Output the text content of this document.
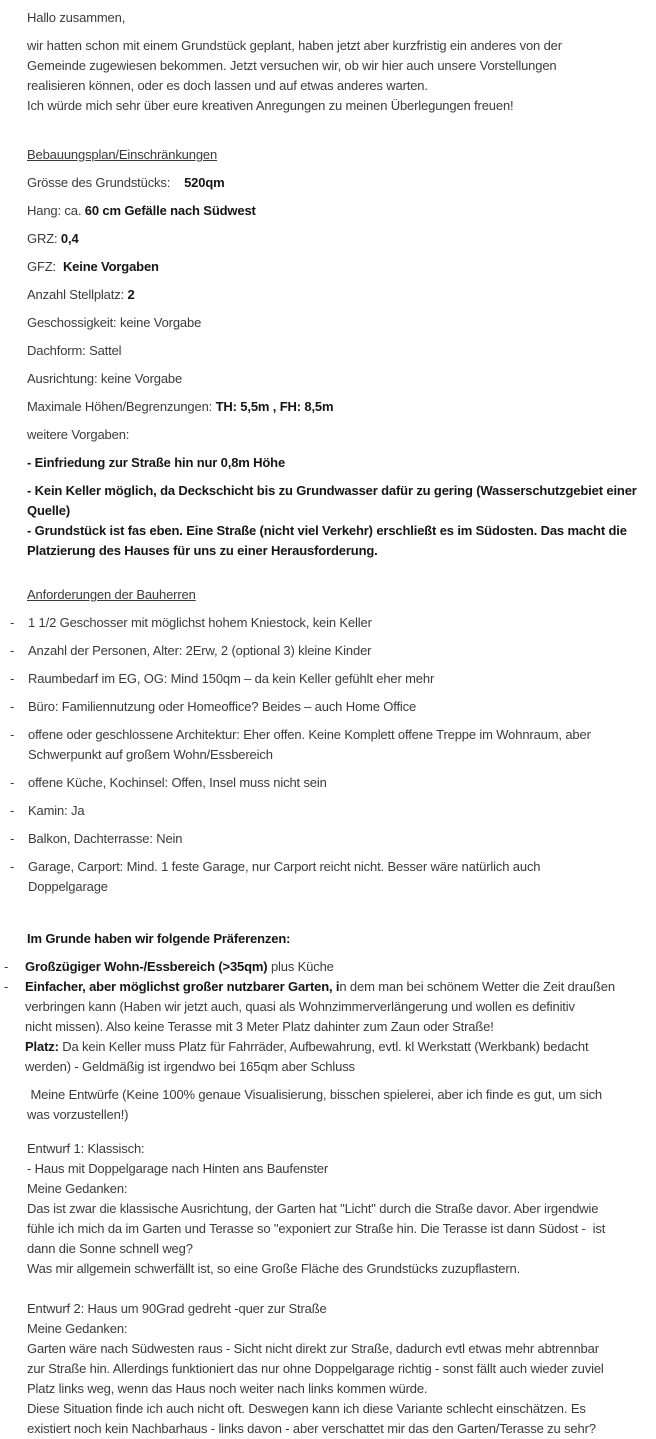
Hallo zusammen,
wir hatten schon mit einem Grundstück geplant, haben jetzt aber kurzfristig ein anderes von der
Gemeinde zugewiesen bekommen. Jetzt versuchen wir, ob wir hier auch unsere Vorstellungen
realisieren können, oder es doch lassen und auf etwas anderes warten.
Ich würde mich sehr über eure kreativen Anregungen zu meinen Überlegungen freuen!
Bebauungsplan/Einschränkungen
Grösse des Grundstücks:    520qm
Hang: ca. 60 cm Gefälle nach Südwest
GRZ: 0,4
GFZ:  Keine Vorgaben
Anzahl Stellplatz: 2
Geschossigkeit: keine Vorgabe
Dachform: Sattel
Ausrichtung: keine Vorgabe
Maximale Höhen/Begrenzungen: TH: 5,5m , FH: 8,5m
weitere Vorgaben:
- Einfriedung zur Straße hin nur 0,8m Höhe
- Kein Keller möglich, da Deckschicht bis zu Grundwasser dafür zu gering (Wasserschutzgebiet einer
Quelle)
- Grundstück ist fas eben. Eine Straße (nicht viel Verkehr) erschließt es im Südosten. Das macht die
Platzierung des Hauses für uns zu einer Herausforderung.
Anforderungen der Bauherren
-	1 1/2 Geschosser mit möglichst hohem Kniestock, kein Keller
-	Anzahl der Personen, Alter: 2Erw, 2 (optional 3) kleine Kinder
-	Raumbedarf im EG, OG: Mind 150qm – da kein Keller gefühlt eher mehr
-	Büro: Familiennutzung oder Homeoffice? Beides – auch Home Office
-	offene oder geschlossene Architektur: Eher offen. Keine Komplett offene Treppe im Wohnraum, aber
Schwerpunkt auf großem Wohn/Essbereich
-	offene Küche, Kochinsel: Offen, Insel muss nicht sein
-	Kamin: Ja
-	Balkon, Dachterrasse: Nein
-	Garage, Carport: Mind. 1 feste Garage, nur Carport reicht nicht. Besser wäre natürlich auch
Doppelgarage
Im Grunde haben wir folgende Präferenzen:
-	Großzügiger Wohn-/Essbereich (>35qm) plus Küche
-	Einfacher, aber möglichst großer nutzbarer Garten, in dem man bei schönem Wetter die Zeit draußen
verbringen kann (Haben wir jetzt auch, quasi als Wohnzimmerverlängerung und wollen es definitiv
nicht missen). Also keine Terasse mit 3 Meter Platz dahinter zum Zaun oder Straße!
Platz: Da kein Keller muss Platz für Fahrräder, Aufbewahrung, evtl. kl Werkstatt (Werkbank) bedacht
werden) - Geldmäßig ist irgendwo bei 165qm aber Schluss
Meine Entwürfe (Keine 100% genaue Visualisierung, bisschen spielerei, aber ich finde es gut, um sich
was vorzustellen!)
Entwurf 1: Klassisch:
- Haus mit Doppelgarage nach Hinten ans Baufenster
Meine Gedanken:
Das ist zwar die klassische Ausrichtung, der Garten hat "Licht" durch die Straße davor. Aber irgendwie
fühle ich mich da im Garten und Terasse so "exponiert zur Straße hin. Die Terasse ist dann Südost -  ist
dann die Sonne schnell weg?
Was mir allgemein schwerfällt ist, so eine Große Fläche des Grundstücks zuzupflastern.
Entwurf 2: Haus um 90Grad gedreht -quer zur Straße
Meine Gedanken:
Garten wäre nach Südwesten raus - Sicht nicht direkt zur Straße, dadurch evtl etwas mehr abtrennbar
zur Straße hin. Allerdings funktioniert das nur ohne Doppelgarage richtig - sonst fällt auch wieder zuviel
Platz links weg, wenn das Haus noch weiter nach links kommen würde.
Diese Situation finde ich auch nicht oft. Deswegen kann ich diese Variante schlecht einschätzen. Es
existiert noch kein Nachbarhaus - links davon - aber verschattet mir das den Garten/Terasse zu sehr?
